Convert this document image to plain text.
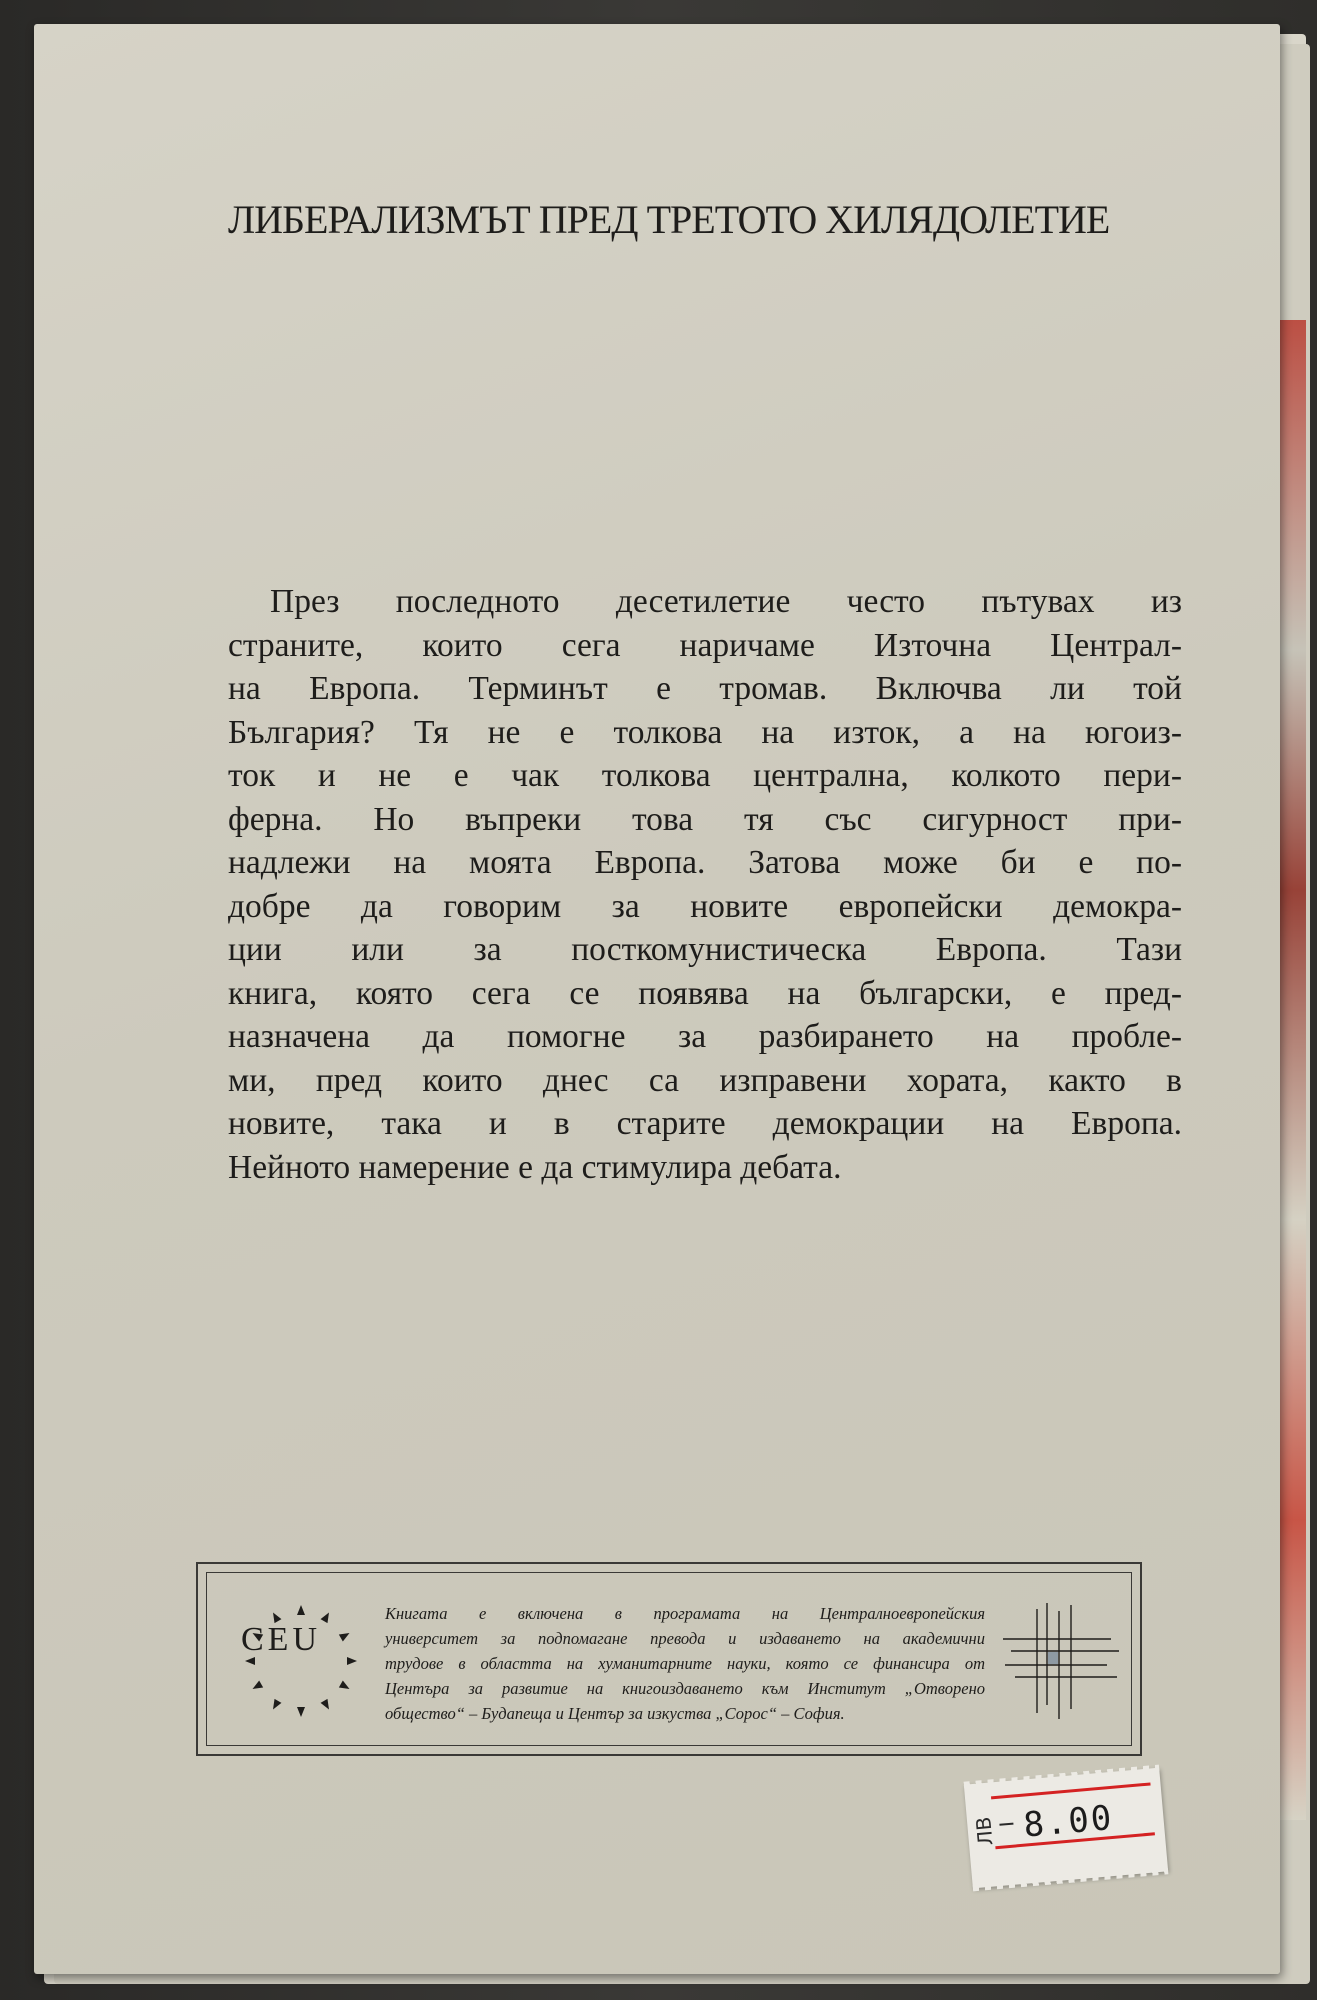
ЛИБЕРАЛИЗМЪТ ПРЕД ТРЕТОТО ХИЛЯДОЛЕТИЕ

През последното десетилетие често пътувах из
страните, които сега наричаме Източна Централ-
на Европа. Терминът е тромав. Включва ли той
България? Тя не е толкова на изток, а на югоиз-
ток и не е чак толкова централна, колкото пери-
ферна. Но въпреки това тя със сигурност при-
надлежи на моята Европа. Затова може би е по-
добре да говорим за новите европейски демокра-
ции или за посткомунистическа Европа. Тази
книга, която сега се появява на български, е пред-
назначена да помогне за разбирането на пробле-
ми, пред които днес са изправени хората, както в
новите, така и в старите демокрации на Европа.
Нейното намерение е да стимулира дебата.

CEU

Книгата е включена в програмата на Централноевропейския
университет за подпомагане превода и издаването на академични
трудове в областта на хуманитарните науки, която се финансира от
Центъра за развитие на книгоиздаването към Институт „Отворено
общество“ – Будапеща и Център за изкуства „Сорос“ – София.

ЛВ 8.00
